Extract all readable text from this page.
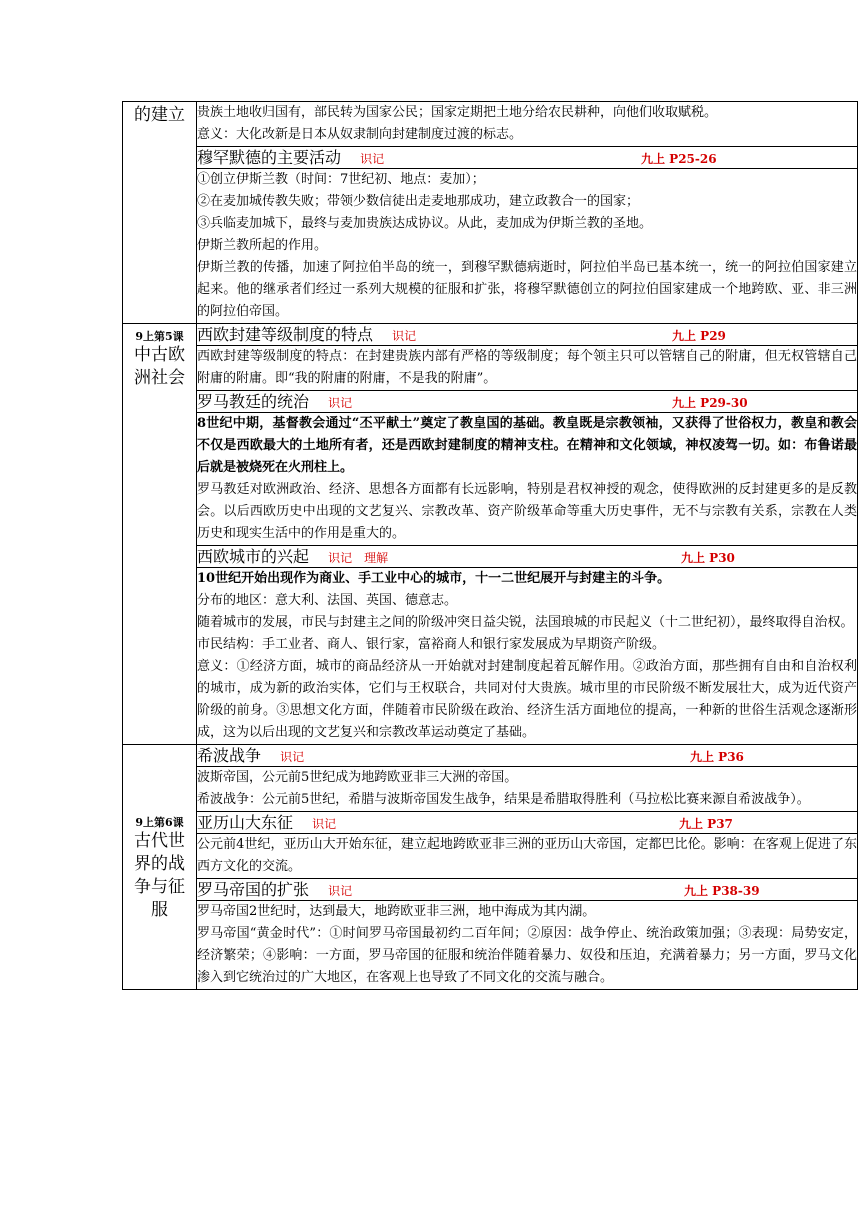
的建立	贵族土地收归国有，部民转为国家公民；国家定期把土地分给农民耕种，向他们收取赋税。

意义：大化改新是日本从奴隶制向封建制度过渡的标志。

	穆罕默德的主要活动 识记 九上 P25-26

	①创立伊斯兰教（时间：7世纪初、地点：麦加）；

②在麦加城传教失败；带领少数信徒出走麦地那成功，建立政教合一的国家；

③兵临麦加城下，最终与麦加贵族达成协议。从此，麦加成为伊斯兰教的圣地。

伊斯兰教所起的作用。

伊斯兰教的传播，加速了阿拉伯半岛的统一，到穆罕默德病逝时，阿拉伯半岛已基本统一，统一的阿拉伯国家建立起来。他的继承者们经过一系列大规模的征服和扩张，将穆罕默德创立的阿拉伯国家建成一个地跨欧、亚、非三洲的阿拉伯帝国。

9上第5课
中古欧
洲社会	西欧封建等级制度的特点 识记 九上 P29

	西欧封建等级制度的特点：在封建贵族内部有严格的等级制度；每个领主只可以管辖自己的附庸，但无权管辖自己附庸的附庸。即“我的附庸的附庸，不是我的附庸”。

	罗马教廷的统治 识记 九上 P29-30

	8世纪中期，基督教会通过“丕平献土”奠定了教皇国的基础。教皇既是宗教领袖，又获得了世俗权力，教皇和教会不仅是西欧最大的土地所有者，还是西欧封建制度的精神支柱。在精神和文化领域，神权凌驾一切。如：布鲁诺最后就是被烧死在火刑柱上。

罗马教廷对欧洲政治、经济、思想各方面都有长远影响，特别是君权神授的观念，使得欧洲的反封建更多的是反教会。以后西欧历史中出现的文艺复兴、宗教改革、资产阶级革命等重大历史事件，无不与宗教有关系，宗教在人类历史和现实生活中的作用是重大的。

	西欧城市的兴起 识记　理解 九上 P30

	10世纪开始出现作为商业、手工业中心的城市，十一二世纪展开与封建主的斗争。

分布的地区：意大利、法国、英国、德意志。

随着城市的发展，市民与封建主之间的阶级冲突日益尖锐，法国琅城的市民起义（十二世纪初），最终取得自治权。

市民结构：手工业者、商人、银行家，富裕商人和银行家发展成为早期资产阶级。

意义：①经济方面，城市的商品经济从一开始就对封建制度起着瓦解作用。②政治方面，那些拥有自由和自治权利的城市，成为新的政治实体，它们与王权联合，共同对付大贵族。城市里的市民阶级不断发展壮大，成为近代资产阶级的前身。③思想文化方面，伴随着市民阶级在政治、经济生活方面地位的提高，一种新的世俗生活观念逐渐形成，这为以后出现的文艺复兴和宗教改革运动奠定了基础。

9上第6课
古代世
界的战
争与征
服	希波战争 识记 九上 P36

	波斯帝国，公元前5世纪成为地跨欧亚非三大洲的帝国。

希波战争：公元前5世纪，希腊与波斯帝国发生战争，结果是希腊取得胜利（马拉松比赛来源自希波战争）。

	亚历山大东征 识记 九上 P37

	公元前4世纪，亚历山大开始东征，建立起地跨欧亚非三洲的亚历山大帝国，定都巴比伦。影响：在客观上促进了东西方文化的交流。

	罗马帝国的扩张 识记 九上 P38-39

	罗马帝国2世纪时，达到最大，地跨欧亚非三洲，地中海成为其内湖。

罗马帝国“黄金时代”：①时间罗马帝国最初约二百年间；②原因：战争停止、统治政策加强；③表现：局势安定，经济繁荣；④影响：一方面，罗马帝国的征服和统治伴随着暴力、奴役和压迫，充满着暴力；另一方面，罗马文化渗入到它统治过的广大地区，在客观上也导致了不同文化的交流与融合。
